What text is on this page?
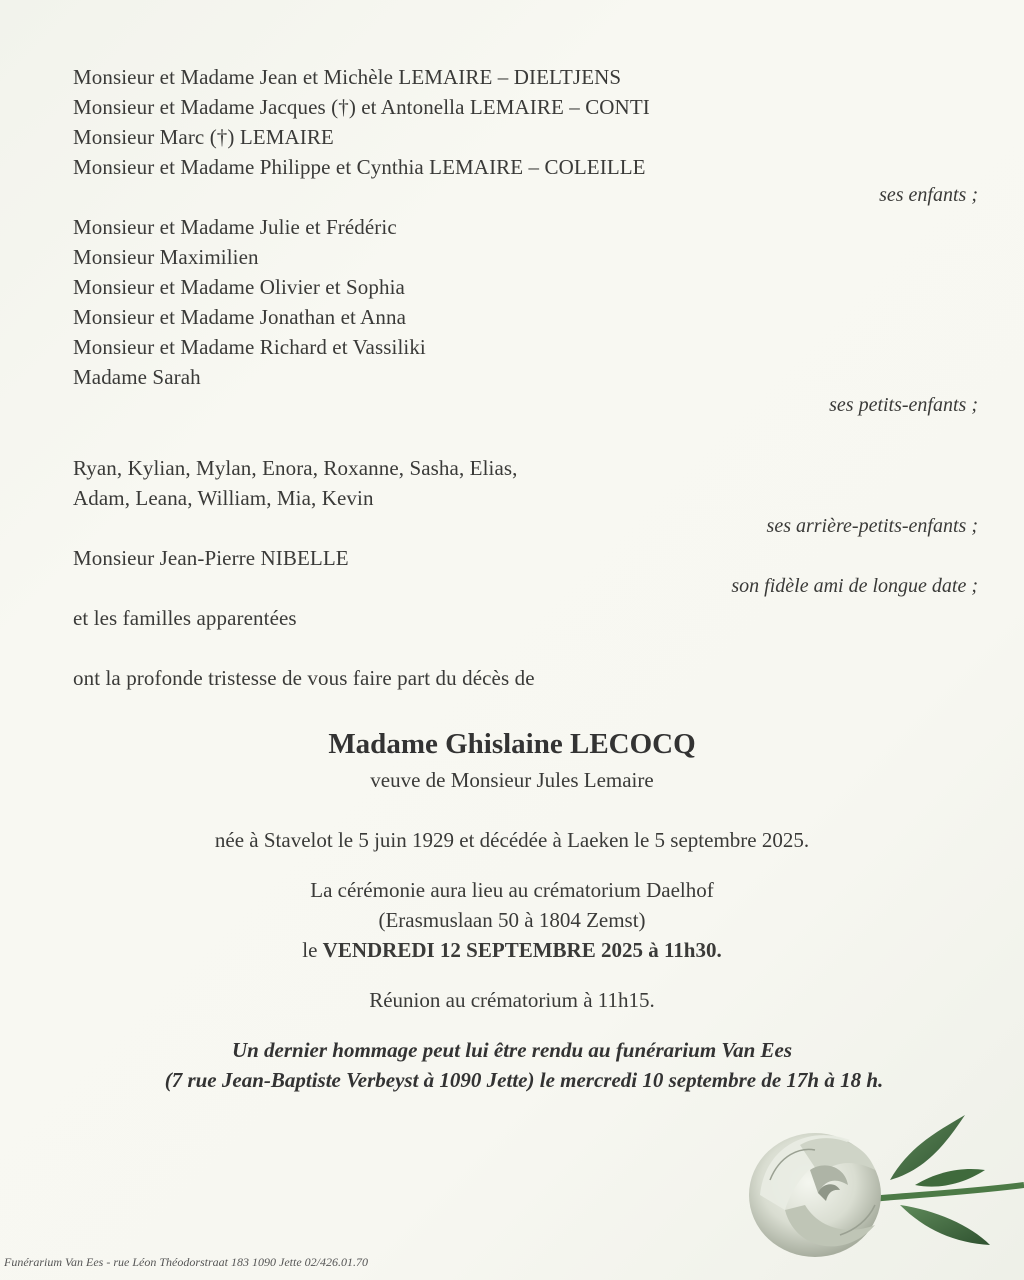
Monsieur et Madame Jean et Michèle LEMAIRE – DIELTJENS
Monsieur et Madame Jacques (†) et Antonella LEMAIRE – CONTI
Monsieur Marc (†) LEMAIRE
Monsieur et Madame Philippe et Cynthia LEMAIRE – COLEILLE
ses enfants ;
Monsieur et Madame Julie et Frédéric
Monsieur Maximilien
Monsieur et Madame Olivier et Sophia
Monsieur et Madame Jonathan et Anna
Monsieur et Madame Richard et Vassiliki
Madame Sarah
ses petits-enfants ;
Ryan, Kylian, Mylan, Enora, Roxanne, Sasha, Elias,
Adam, Leana, William, Mia, Kevin
ses arrière-petits-enfants ;
Monsieur Jean-Pierre NIBELLE
son fidèle ami de longue date ;
et les familles apparentées
ont la profonde tristesse de vous faire part du décès de
Madame Ghislaine LECOCQ
veuve de Monsieur Jules Lemaire
née à Stavelot le 5 juin 1929 et décédée à Laeken le 5 septembre 2025.
La cérémonie aura lieu au crématorium Daelhof
(Erasmuslaan 50 à 1804 Zemst)
le VENDREDI 12 SEPTEMBRE 2025 à 11h30.
Réunion au crématorium à 11h15.
Un dernier hommage peut lui être rendu au funérarium Van Ees
(7 rue Jean-Baptiste Verbeyst à 1090 Jette) le mercredi 10 septembre de 17h à 18 h.
Funérarium Van Ees - rue Léon Théodorstraat 183 1090 Jette 02/426.01.70
